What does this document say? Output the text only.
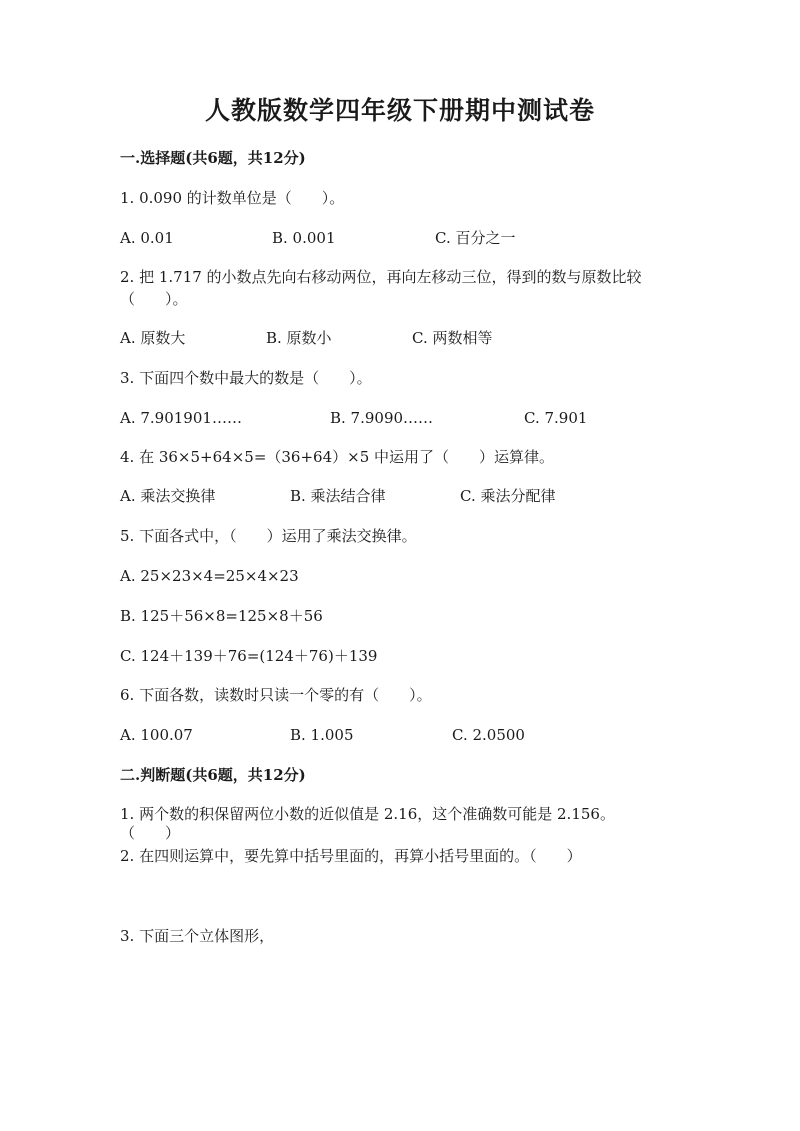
人教版数学四年级下册期中测试卷
一.选择题(共6题，共12分)
1. 0.090 的计数单位是（　　）。
A. 0.01	B. 0.001	C. 百分之一
2. 把 1.717 的小数点先向右移动两位，再向左移动三位，得到的数与原数比较
（　　）。
A. 原数大	B. 原数小	C. 两数相等
3. 下面四个数中最大的数是（　　）。
A. 7.901901……	B. 7.9090……	C. 7.901
4. 在 36×5+64×5=（36+64）×5 中运用了（　　）运算律。
A. 乘法交换律	B. 乘法结合律	C. 乘法分配律
5. 下面各式中，（　　）运用了乘法交换律。
A. 25×23×4=25×4×23
B. 125＋56×8=125×8＋56
C. 124＋139＋76=(124＋76)＋139
6. 下面各数，读数时只读一个零的有（　　）。
A. 100.07	B. 1.005	C. 2.0500
二.判断题(共6题，共12分)
1. 两个数的积保留两位小数的近似值是 2.16，这个准确数可能是 2.156。
（　　）
2. 在四则运算中，要先算中括号里面的，再算小括号里面的。（　　）
3. 下面三个立体图形，
